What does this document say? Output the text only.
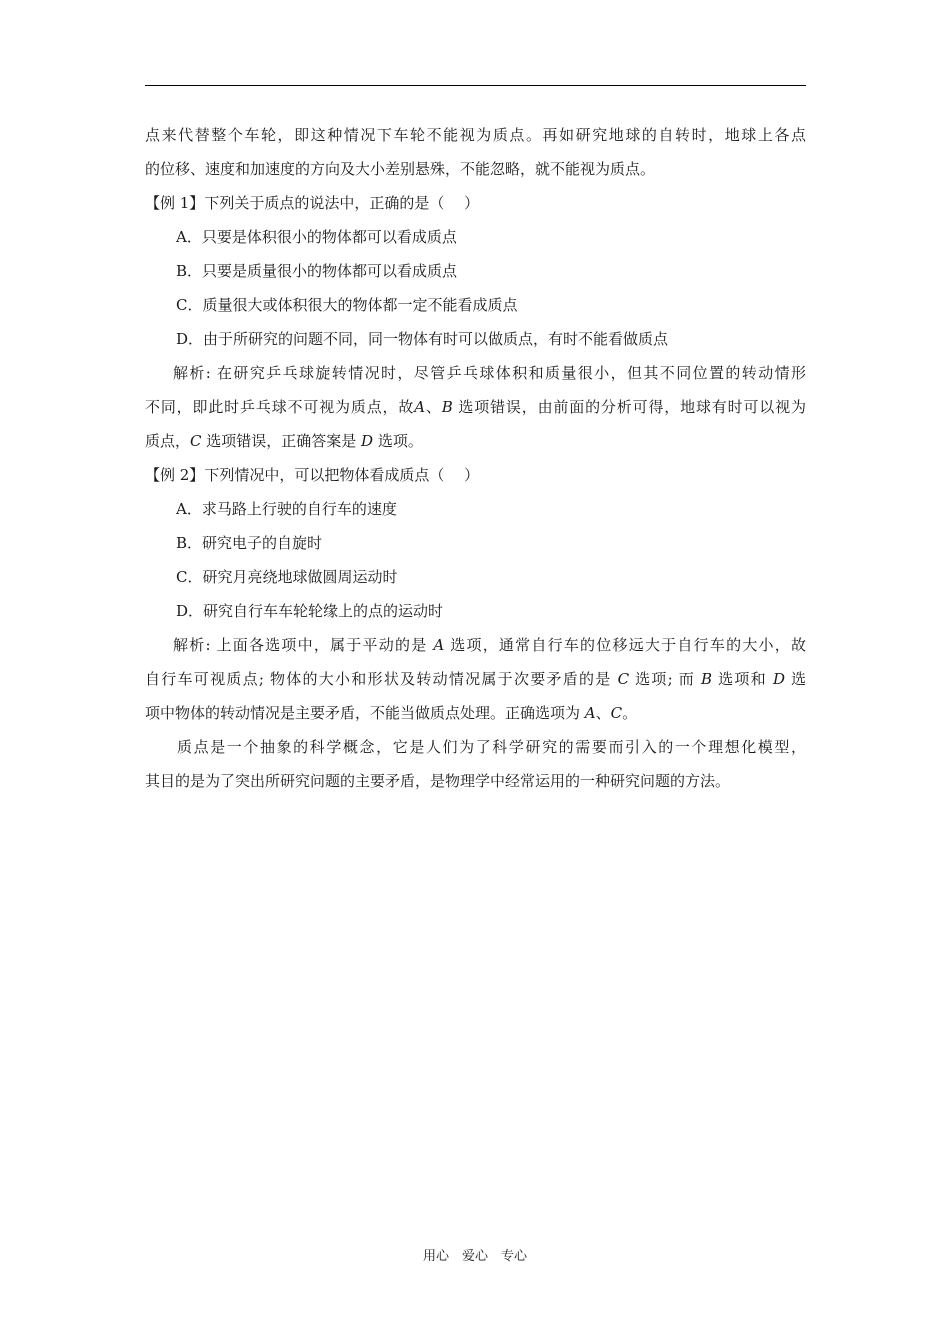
点来代替整个车轮，即这种情况下车轮不能视为质点。再如研究地球的自转时，地球上各点
的位移、速度和加速度的方向及大小差别悬殊，不能忽略，就不能视为质点。
【例 1】下列关于质点的说法中，正确的是（　 ）
A．只要是体积很小的物体都可以看成质点
B．只要是质量很小的物体都可以看成质点
C．质量很大或体积很大的物体都一定不能看成质点
D．由于所研究的问题不同，同一物体有时可以做质点，有时不能看做质点
解析: 在研究乒乓球旋转情况时，尽管乒乓球体积和质量很小，但其不同位置的转动情形
不同，即此时乒乓球不可视为质点，故A、B 选项错误，由前面的分析可得，地球有时可以视为
质点，C 选项错误，正确答案是 D 选项。
【例 2】下列情况中，可以把物体看成质点（　 ）
A．求马路上行驶的自行车的速度
B．研究电子的自旋时
C．研究月亮绕地球做圆周运动时
D．研究自行车车轮轮缘上的点的运动时
解析: 上面各选项中，属于平动的是 A 选项，通常自行车的位移远大于自行车的大小，故
自行车可视质点; 物体的大小和形状及转动情况属于次要矛盾的是 C 选项; 而 B 选项和 D 选
项中物体的转动情况是主要矛盾，不能当做质点处理。正确选项为 A、C。
质点是一个抽象的科学概念，它是人们为了科学研究的需要而引入的一个理想化模型，
其目的是为了突出所研究问题的主要矛盾，是物理学中经常运用的一种研究问题的方法。
用心　爱心　专心
